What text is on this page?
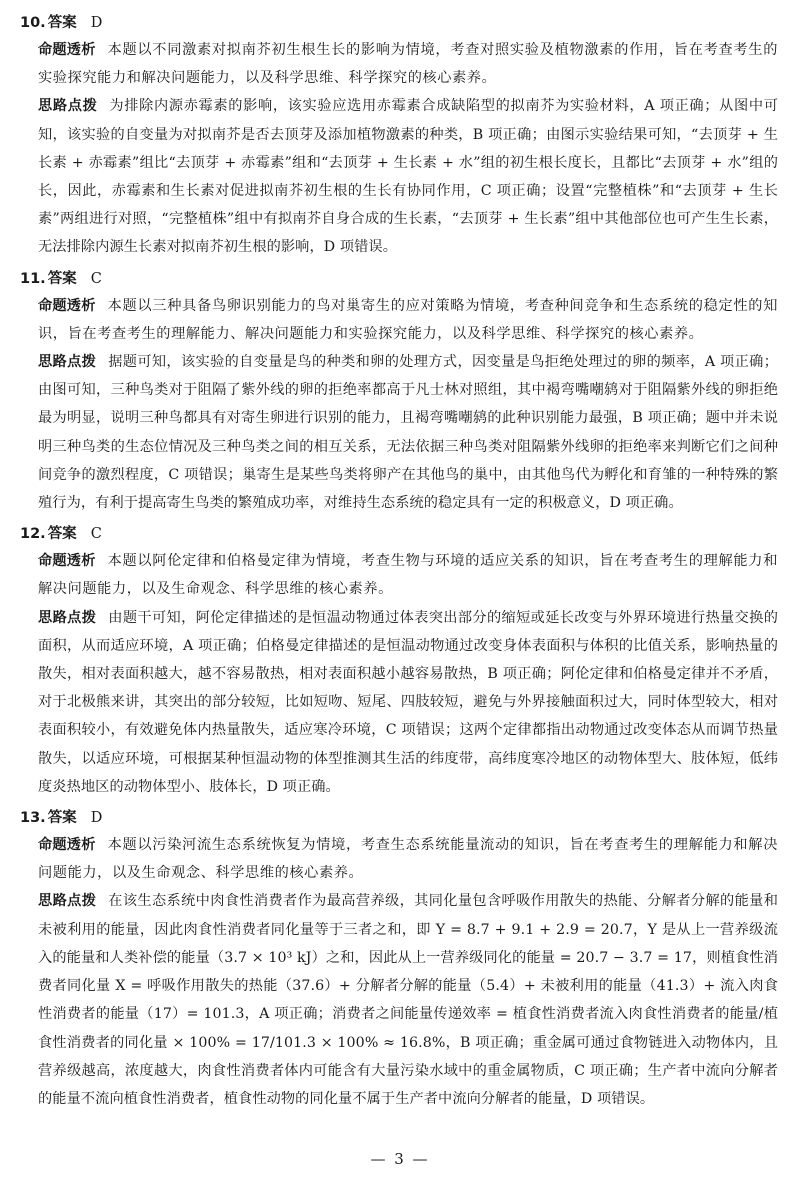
10. 答案 D

命题透析 本题以不同激素对拟南芥初生根生长的影响为情境，考查对照实验及植物激素的作用，旨在考查考生的实验探究能力和解决问题能力，以及科学思维、科学探究的核心素养。

思路点拨 为排除内源赤霉素的影响，该实验应选用赤霉素合成缺陷型的拟南芥为实验材料，A 项正确；从图中可知，该实验的自变量为对拟南芥是否去顶芽及添加植物激素的种类，B 项正确；由图示实验结果可知，“去顶芽 + 生长素 + 赤霉素”组比“去顶芽 + 赤霉素”组和“去顶芽 + 生长素 + 水”组的初生根长度长，且都比“去顶芽 + 水”组的长，因此，赤霉素和生长素对促进拟南芥初生根的生长有协同作用，C 项正确；设置“完整植株”和“去顶芽 + 生长素”两组进行对照，“完整植株”组中有拟南芥自身合成的生长素，“去顶芽 + 生长素”组中其他部位也可产生生长素，无法排除内源生长素对拟南芥初生根的影响，D 项错误。

11. 答案 C

命题透析 本题以三种具备鸟卵识别能力的鸟对巢寄生的应对策略为情境，考查种间竞争和生态系统的稳定性的知识，旨在考查考生的理解能力、解决问题能力和实验探究能力，以及科学思维、科学探究的核心素养。

思路点拨 据题可知，该实验的自变量是鸟的种类和卵的处理方式，因变量是鸟拒绝处理过的卵的频率，A 项正确；由图可知，三种鸟类对于阻隔了紫外线的卵的拒绝率都高于凡士林对照组，其中褐弯嘴嘲鸫对于阻隔紫外线的卵拒绝最为明显，说明三种鸟都具有对寄生卵进行识别的能力，且褐弯嘴嘲鸫的此种识别能力最强，B 项正确；题中并未说明三种鸟类的生态位情况及三种鸟类之间的相互关系，无法依据三种鸟类对阻隔紫外线卵的拒绝率来判断它们之间种间竞争的激烈程度，C 项错误；巢寄生是某些鸟类将卵产在其他鸟的巢中，由其他鸟代为孵化和育雏的一种特殊的繁殖行为，有利于提高寄生鸟类的繁殖成功率，对维持生态系统的稳定具有一定的积极意义，D 项正确。

12. 答案 C

命题透析 本题以阿伦定律和伯格曼定律为情境，考查生物与环境的适应关系的知识，旨在考查考生的理解能力和解决问题能力，以及生命观念、科学思维的核心素养。

思路点拨 由题干可知，阿伦定律描述的是恒温动物通过体表突出部分的缩短或延长改变与外界环境进行热量交换的面积，从而适应环境，A 项正确；伯格曼定律描述的是恒温动物通过改变身体表面积与体积的比值关系，影响热量的散失，相对表面积越大，越不容易散热，相对表面积越小越容易散热，B 项正确；阿伦定律和伯格曼定律并不矛盾，对于北极熊来讲，其突出的部分较短，比如短吻、短尾、四肢较短，避免与外界接触面积过大，同时体型较大，相对表面积较小，有效避免体内热量散失，适应寒冷环境，C 项错误；这两个定律都指出动物通过改变体态从而调节热量散失，以适应环境，可根据某种恒温动物的体型推测其生活的纬度带，高纬度寒冷地区的动物体型大、肢体短，低纬度炎热地区的动物体型小、肢体长，D 项正确。

13. 答案 D

命题透析 本题以污染河流生态系统恢复为情境，考查生态系统能量流动的知识，旨在考查考生的理解能力和解决问题能力，以及生命观念、科学思维的核心素养。

思路点拨 在该生态系统中肉食性消费者作为最高营养级，其同化量包含呼吸作用散失的热能、分解者分解的能量和未被利用的能量，因此肉食性消费者同化量等于三者之和，即 Y = 8.7 + 9.1 + 2.9 = 20.7，Y 是从上一营养级流入的能量和人类补偿的能量（3.7 × 10³ kJ）之和，因此从上一营养级同化的能量 = 20.7 − 3.7 = 17，则植食性消费者同化量 X = 呼吸作用散失的热能（37.6）+ 分解者分解的能量（5.4）+ 未被利用的能量（41.3）+ 流入肉食性消费者的能量（17）= 101.3，A 项正确；消费者之间能量传递效率 = 植食性消费者流入肉食性消费者的能量/植食性消费者的同化量 × 100% = 17/101.3 × 100% ≈ 16.8%，B 项正确；重金属可通过食物链进入动物体内，且营养级越高，浓度越大，肉食性消费者体内可能含有大量污染水域中的重金属物质，C 项正确；生产者中流向分解者的能量不流向植食性消费者，植食性动物的同化量不属于生产者中流向分解者的能量，D 项错误。

— 3 —
